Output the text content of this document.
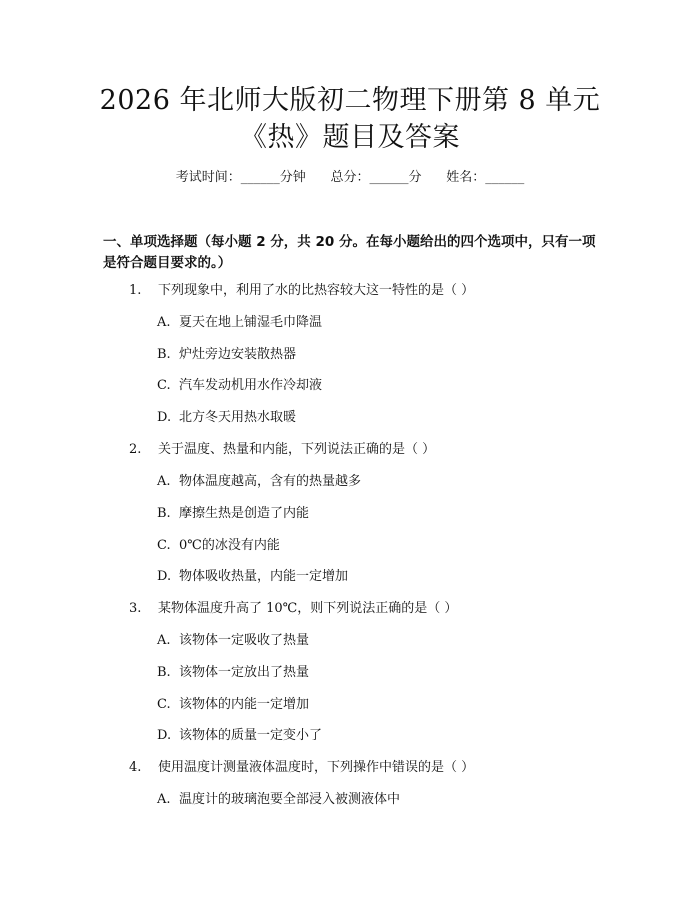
2026 年北师大版初二物理下册第 8 单元
《热》题目及答案
考试时间：______分钟      总分：______分      姓名：______
一、单项选择题（每小题 2 分，共 20 分。在每小题给出的四个选项中，只有一项是符合题目要求的。）
1. 下列现象中，利用了水的比热容较大这一特性的是（ ）
A. 夏天在地上铺湿毛巾降温
B. 炉灶旁边安装散热器
C. 汽车发动机用水作冷却液
D. 北方冬天用热水取暖
2. 关于温度、热量和内能，下列说法正确的是（ ）
A. 物体温度越高，含有的热量越多
B. 摩擦生热是创造了内能
C. 0℃的冰没有内能
D. 物体吸收热量，内能一定增加
3. 某物体温度升高了 10℃，则下列说法正确的是（ ）
A. 该物体一定吸收了热量
B. 该物体一定放出了热量
C. 该物体的内能一定增加
D. 该物体的质量一定变小了
4. 使用温度计测量液体温度时，下列操作中错误的是（ ）
A. 温度计的玻璃泡要全部浸入被测液体中
